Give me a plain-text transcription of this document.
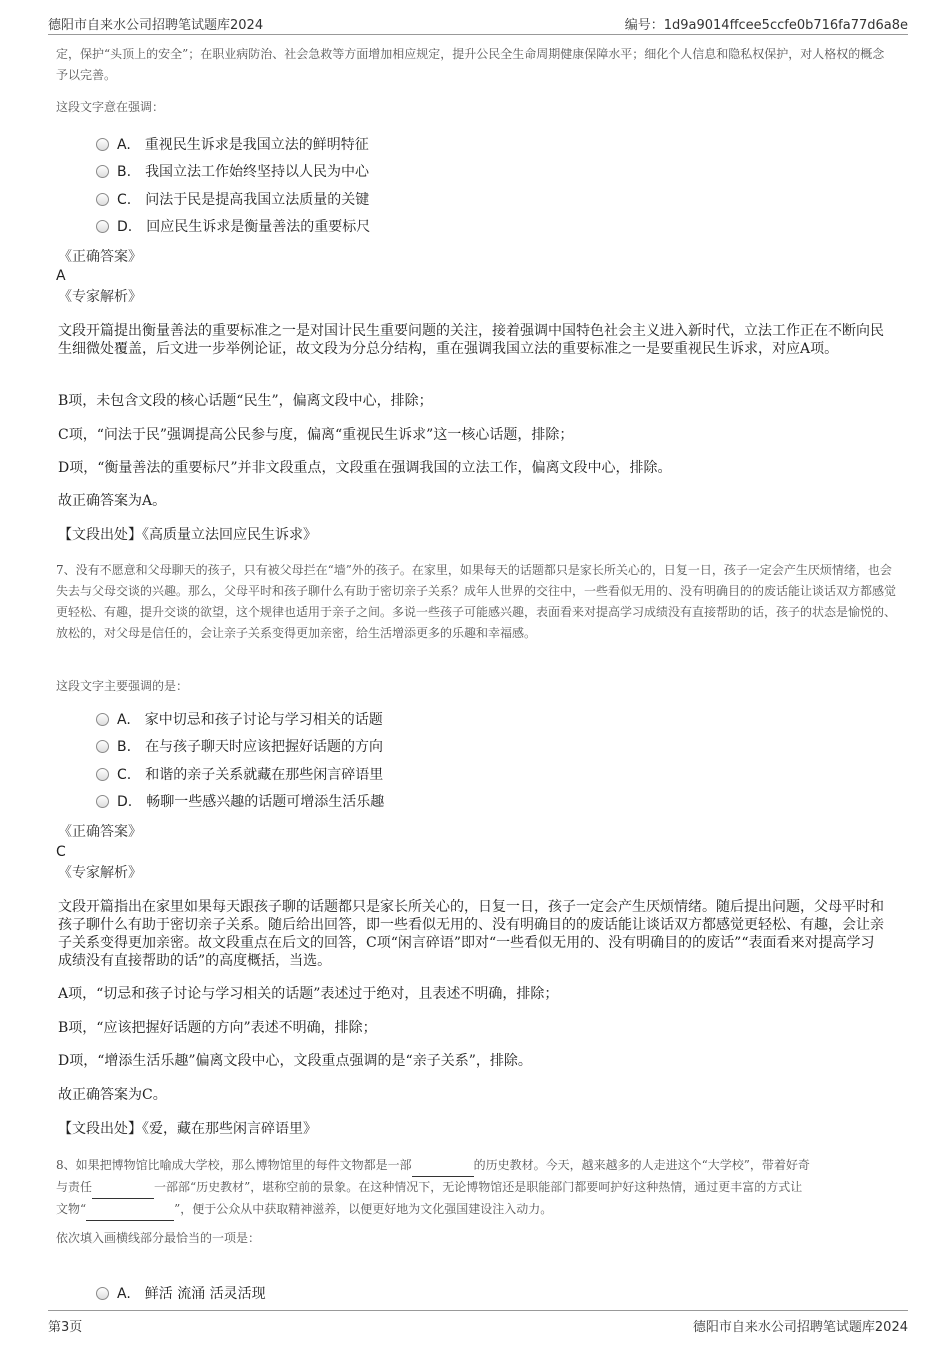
德阳市自来水公司招聘笔试题库2024	编号：1d9a9014ffcee5ccfe0b716fa77d6a8e
定，保护“头顶上的安全”；在职业病防治、社会急救等方面增加相应规定，提升公民全生命周期健康保障水平；细化个人信息和隐私权保护，对人格权的概念予以完善。
这段文字意在强调：
A. 重视民生诉求是我国立法的鲜明特征
B. 我国立法工作始终坚持以人民为中心
C. 问法于民是提高我国立法质量的关键
D. 回应民生诉求是衡量善法的重要标尺
《正确答案》
A
《专家解析》
文段开篇提出衡量善法的重要标准之一是对国计民生重要问题的关注，接着强调中国特色社会主义进入新时代，立法工作正在不断向民生细微处覆盖，后文进一步举例论证，故文段为分总分结构，重在强调我国立法的重要标准之一是要重视民生诉求，对应A项。
B项，未包含文段的核心话题“民生”，偏离文段中心，排除；
C项，“问法于民”强调提高公民参与度，偏离“重视民生诉求”这一核心话题，排除；
D项，“衡量善法的重要标尺”并非文段重点，文段重在强调我国的立法工作，偏离文段中心，排除。
故正确答案为A。
【文段出处】《高质量立法回应民生诉求》
7、没有不愿意和父母聊天的孩子，只有被父母拦在“墙”外的孩子。在家里，如果每天的话题都只是家长所关心的，日复一日，孩子一定会产生厌烦情绪，也会失去与父母交谈的兴趣。那么，父母平时和孩子聊什么有助于密切亲子关系？成年人世界的交往中，一些看似无用的、没有明确目的的废话能让谈话双方都感觉更轻松、有趣，提升交谈的欲望，这个规律也适用于亲子之间。多说一些孩子可能感兴趣，表面看来对提高学习成绩没有直接帮助的话，孩子的状态是愉悦的、放松的，对父母是信任的，会让亲子关系变得更加亲密，给生活增添更多的乐趣和幸福感。
这段文字主要强调的是：
A. 家中切忌和孩子讨论与学习相关的话题
B. 在与孩子聊天时应该把握好话题的方向
C. 和谐的亲子关系就藏在那些闲言碎语里
D. 畅聊一些感兴趣的话题可增添生活乐趣
《正确答案》
C
《专家解析》
文段开篇指出在家里如果每天跟孩子聊的话题都只是家长所关心的，日复一日，孩子一定会产生厌烦情绪。随后提出问题，父母平时和孩子聊什么有助于密切亲子关系。随后给出回答，即一些看似无用的、没有明确目的的废话能让谈话双方都感觉更轻松、有趣，会让亲子关系变得更加亲密。故文段重点在后文的回答，C项“闲言碎语”即对“一些看似无用的、没有明确目的的废话”“表面看来对提高学习成绩没有直接帮助的话”的高度概括，当选。
A项，“切忌和孩子讨论与学习相关的话题”表述过于绝对，且表述不明确，排除；
B项，“应该把握好话题的方向”表述不明确，排除；
D项，“增添生活乐趣”偏离文段中心，文段重点强调的是“亲子关系”，排除。
故正确答案为C。
【文段出处】《爱，藏在那些闲言碎语里》
8、如果把博物馆比喻成大学校，那么博物馆里的每件文物都是一部	的历史教材。今天，越来越多的人走进这个“大学校”，带着好奇
与责任	一部部“历史教材”，堪称空前的景象。在这种情况下，无论博物馆还是职能部门都要呵护好这种热情，通过更丰富的方式让
文物“	”，便于公众从中获取精神滋养，以便更好地为文化强国建设注入动力。
依次填入画横线部分最恰当的一项是：
A. 鲜活 流涌 活灵活现
第3页	德阳市自来水公司招聘笔试题库2024
